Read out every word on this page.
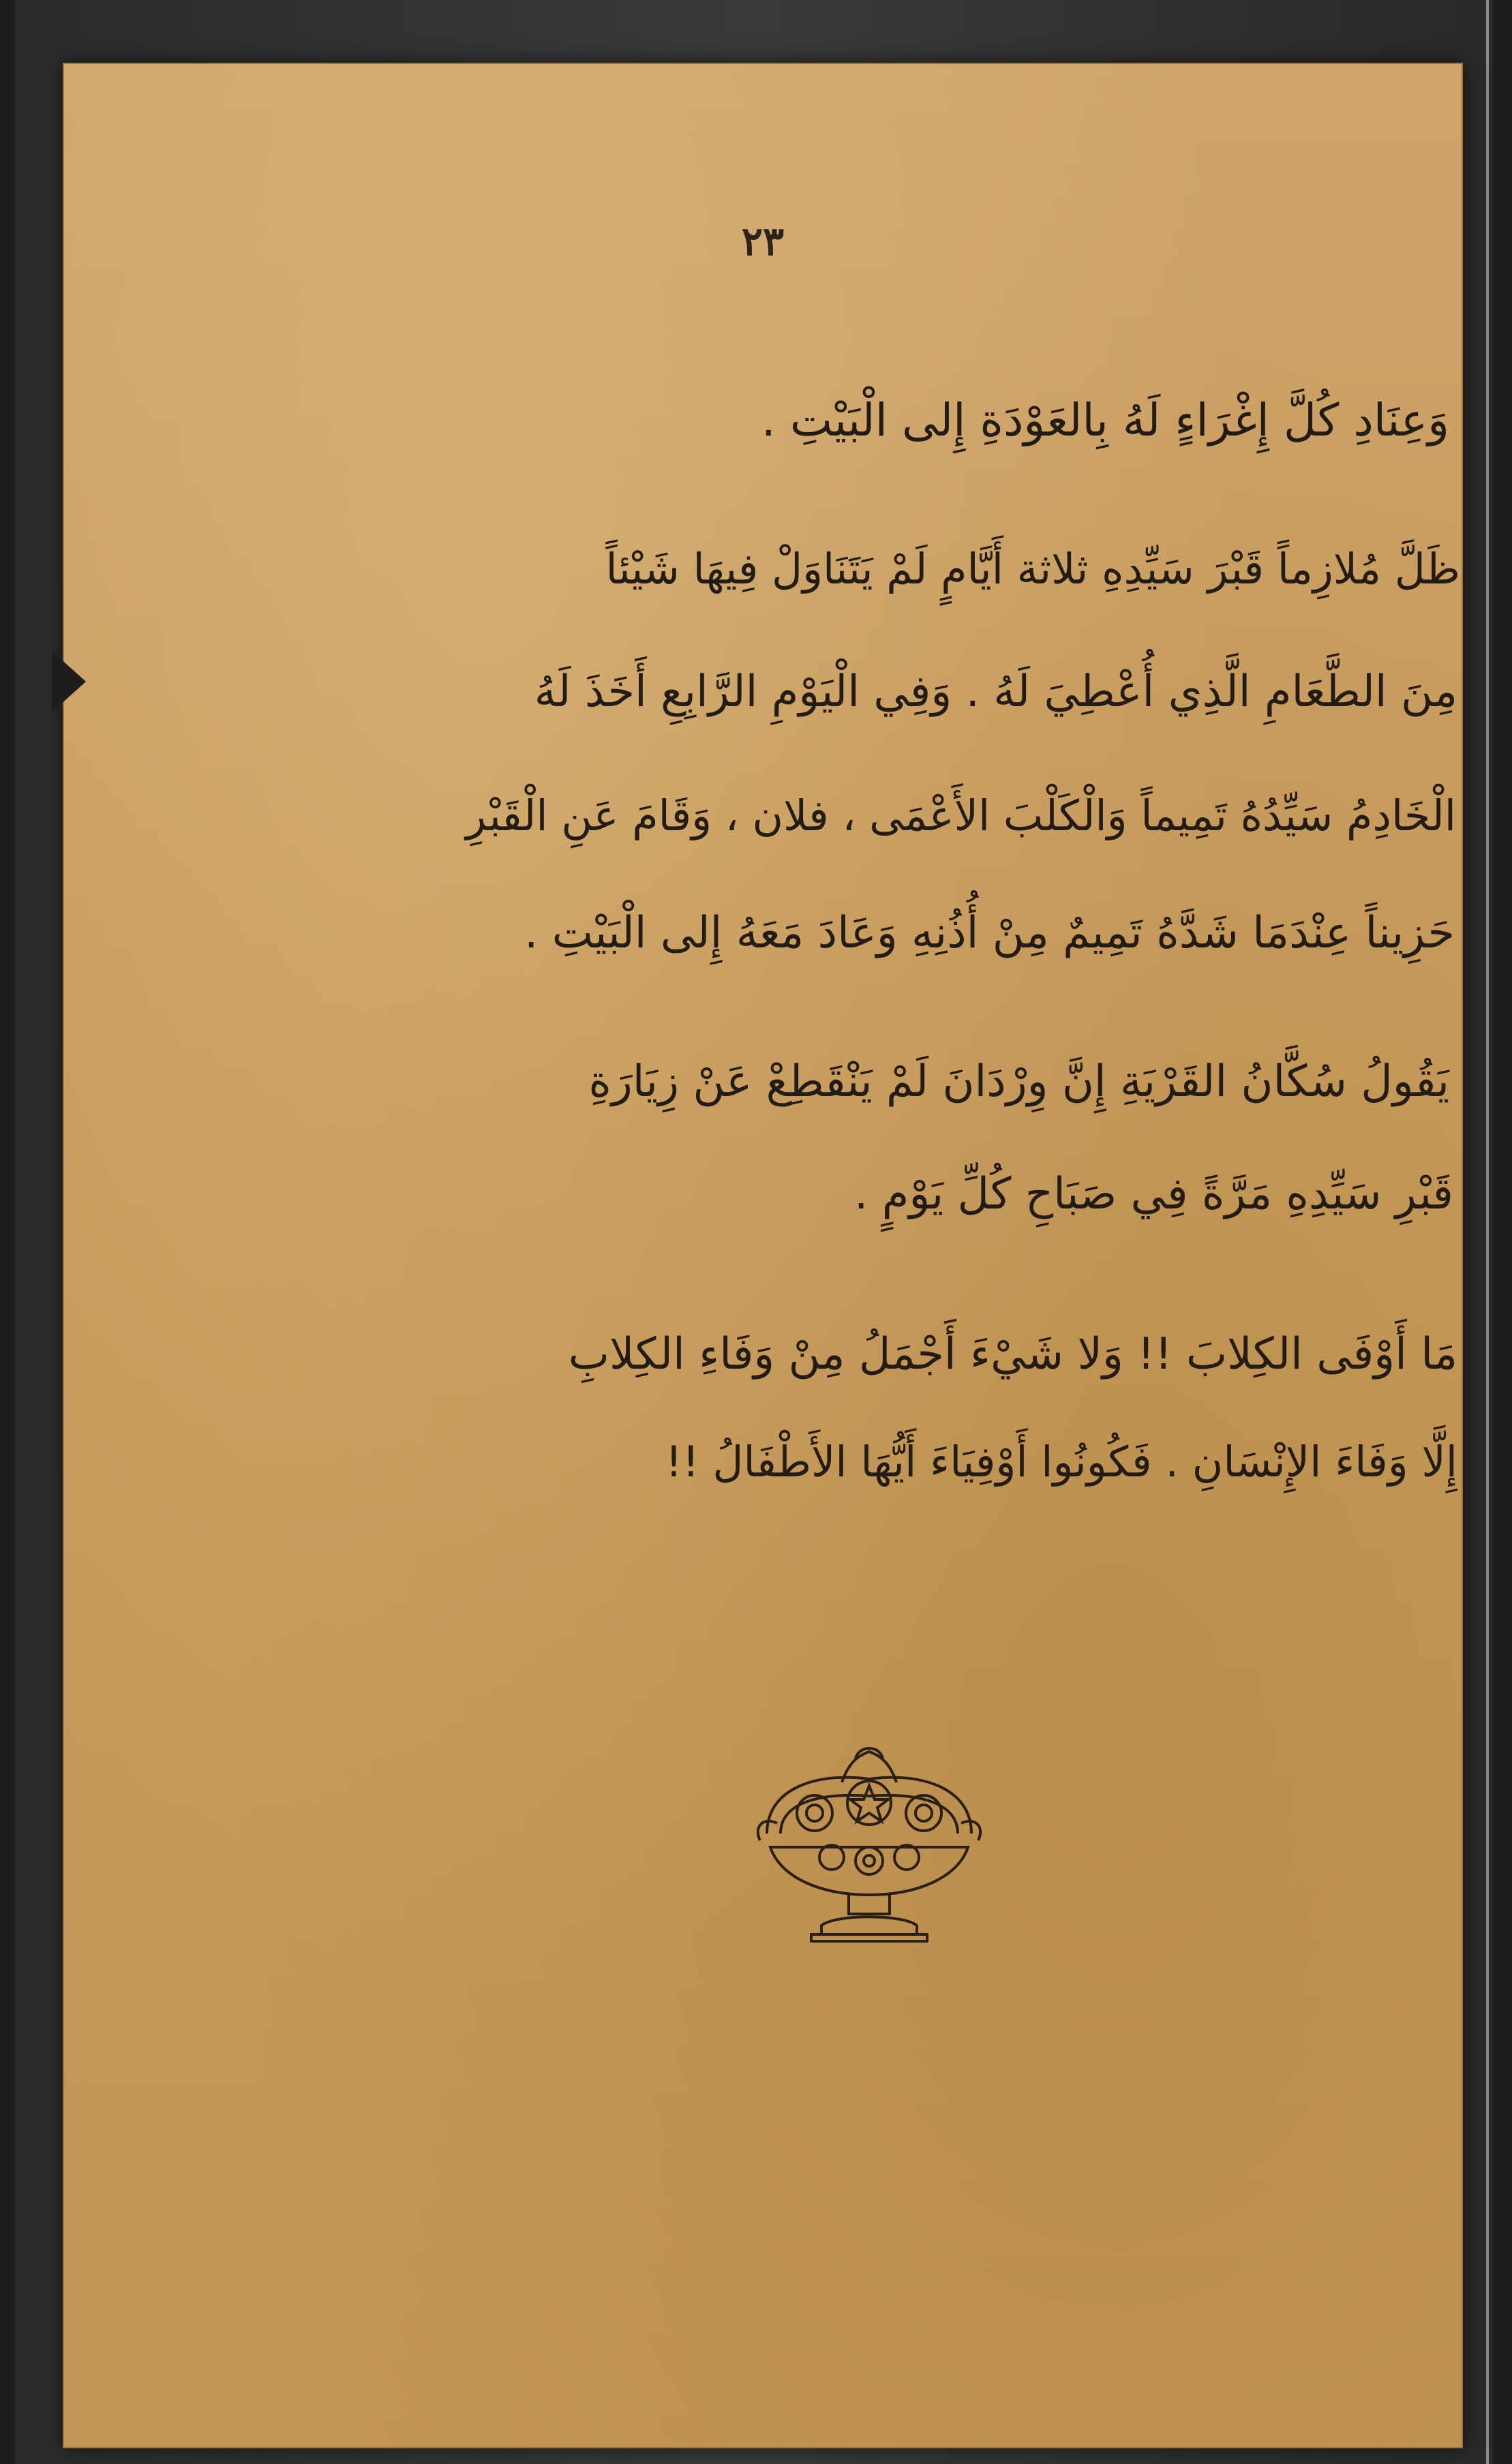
٢٣
وَعِنَادِ كُلَّ إِغْرَاءٍ لَهُ بِالعَوْدَةِ إِلى الْبَيْتِ .
ظَلَّ مُلازِماً قَبْرَ سَيِّدِهِ ثلاثة أَيَّامٍ لَمْ يَتَنَاوَلْ فِيهَا شَيْئاً
مِنَ الطَّعَامِ الَّذِي أُعْطِيَ لَهُ . وَفِي الْيَوْمِ الرَّابِعِ أَخَذَ لَهُ
الْخَادِمُ سَيِّدُهُ تَمِيماً وَالْكَلْبَ الأَعْمَى ، فلان ، وَقَامَ عَنِ الْقَبْرِ
حَزِيناً عِنْدَمَا شَدَّهُ تَمِيمٌ مِنْ أُذُنِهِ وَعَادَ مَعَهُ إِلى الْبَيْتِ .
يَقُولُ سُكَّانُ القَرْيَةِ إِنَّ وِرْدَانَ لَمْ يَنْقَطِعْ عَنْ زِيَارَةِ
قَبْرِ سَيِّدِهِ مَرَّةً فِي صَبَاحِ كُلِّ يَوْمٍ .
مَا أَوْفَى الكِلابَ !! وَلا شَيْءَ أَجْمَلُ مِنْ وَفَاءِ الكِلابِ
إِلَّا وَفَاءَ الإِنْسَانِ . فَكُونُوا أَوْفِيَاءَ أَيُّهَا الأَطْفَالُ !!
